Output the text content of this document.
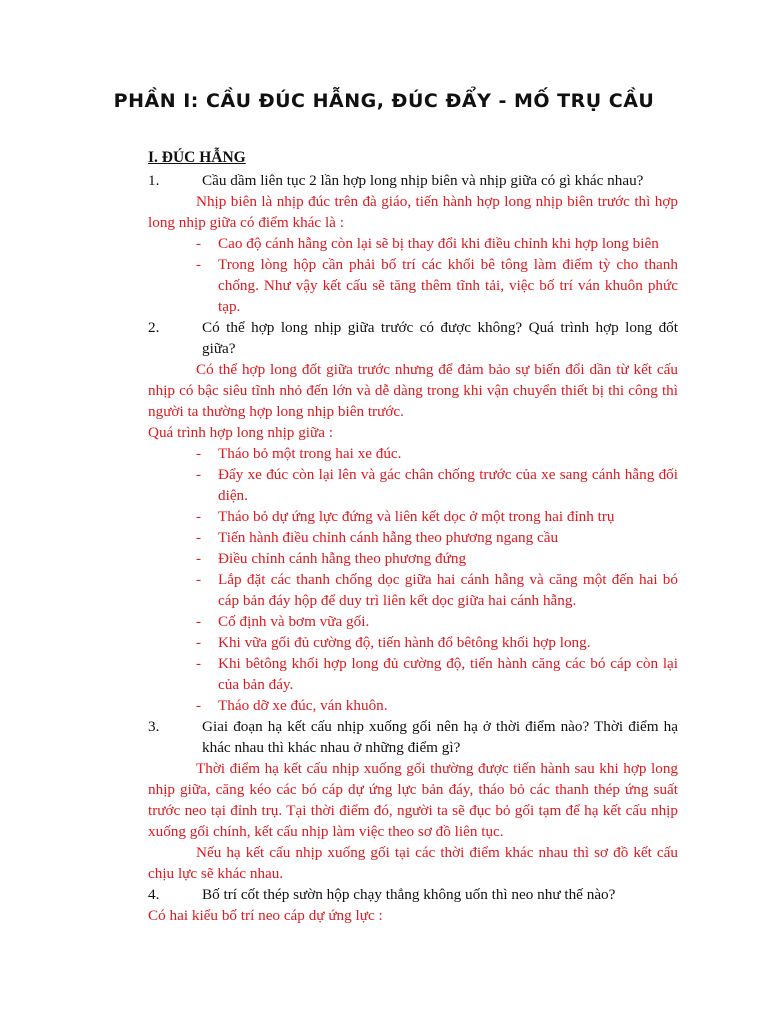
PHẦN I: CẦU ĐÚC HẪNG, ĐÚC ĐẨY - MỐ TRỤ CẦU
I. ĐÚC HẪNG
1.	Cầu dầm liên tục 2 lần hợp long nhịp biên và nhịp giữa có gì khác nhau?
Nhịp biên là nhịp đúc trên đà giáo, tiến hành hợp long nhịp biên trước thì hợp long nhịp giữa có điểm khác là :
- Cao độ cánh hẫng còn lại sẽ bị thay đổi khi điều chỉnh khi hợp long biên
- Trong lòng hộp cần phải bố trí các khối bê tông làm điểm tỳ cho thanh chống. Như vậy kết cấu sẽ tăng thêm tĩnh tải, việc bố trí ván khuôn phức tạp.
2.	Có thể hợp long nhịp giữa trước có được không? Quá trình hợp long đốt giữa?
Có thể hợp long đốt giữa trước nhưng để đảm bảo sự biến đổi dần từ kết cấu nhịp có bậc siêu tĩnh nhỏ đến lớn và dễ dàng trong khi vận chuyển thiết bị thi công thì người ta thường hợp long nhịp biên trước.
Quá trình hợp long nhịp giữa :
- Tháo bỏ một trong hai xe đúc.
- Đẩy xe đúc còn lại lên và gác chân chống trước của xe sang cánh hẫng đối diện.
- Tháo bỏ dự ứng lực đứng và liên kết dọc ở một trong hai đỉnh trụ
- Tiến hành điều chỉnh cánh hẫng theo phương ngang cầu
- Điều chỉnh cánh hẫng theo phương đứng
- Lắp đặt các thanh chống dọc giữa hai cánh hẫng và căng một đến hai bó cáp bản đáy hộp để duy trì liên kết dọc giữa hai cánh hẫng.
- Cố định và bơm vữa gối.
- Khi vữa gối đủ cường độ, tiến hành đổ bêtông khối hợp long.
- Khi bêtông khối hợp long đủ cường độ, tiến hành căng các bó cáp còn lại của bản đáy.
- Tháo dỡ xe đúc, ván khuôn.
3.	Giai đoạn hạ kết cấu nhịp xuống gối nên hạ ở thời điểm nào? Thời điểm hạ khác nhau thì khác nhau ở những điểm gì?
Thời điểm hạ kết cấu nhịp xuống gối thường được tiến hành sau khi hợp long nhịp giữa, căng kéo các bó cáp dự ứng lực bản đáy, tháo bỏ các thanh thép ứng suất trước neo tại đỉnh trụ. Tại thời điểm đó, người ta sẽ đục bỏ gối tạm để hạ kết cấu nhịp xuống gối chính, kết cấu nhịp làm việc theo sơ đồ liên tục.
Nếu hạ kết cấu nhịp xuống gối tại các thời điểm khác nhau thì sơ đồ kết cấu chịu lực sẽ khác nhau.
4.	Bố trí cốt thép sườn hộp chạy thẳng không uốn thì neo như thế nào?
Có hai kiểu bố trí neo cáp dự ứng lực :
